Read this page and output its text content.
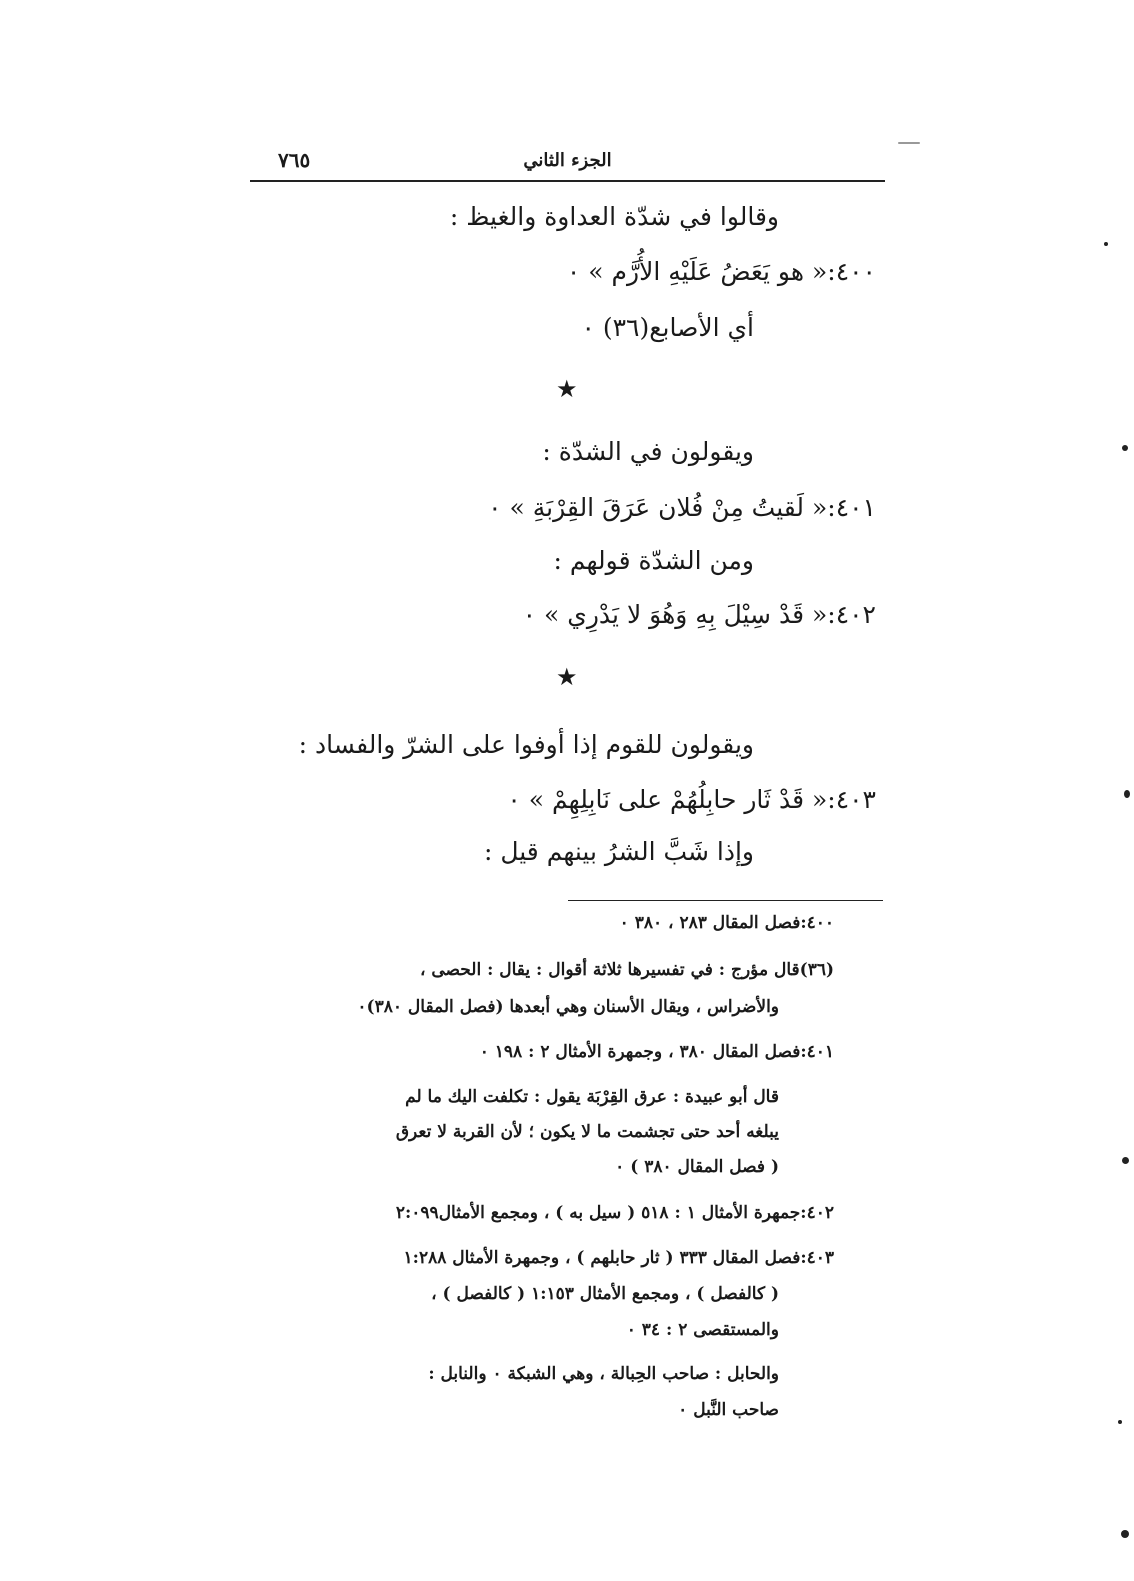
الجزء الثاني
٧٦٥
وقالوا في شدّة العداوة والغيظ :
٤٠٠:« هو يَعَضُ عَلَيْهِ الأُرَّم » ٠
أي الأصابع(٣٦) ٠
★
ويقولون في الشدّة :
٤٠١:« لَقيتُ مِنْ فُلان عَرَقَ القِرْبَةِ » ٠
ومن الشدّة قولهم :
٤٠٢:« قَدْ سِيْلَ بِهِ وَهُوَ لا يَدْرِي » ٠
★
ويقولون للقوم إذا أوفوا على الشرّ والفساد :
٤٠٣:« قَدْ ثَار حابِلُهُمْ على نَابِلِهِمْ » ٠
وإذا شَبَّ الشرُ بينهم قيل :
٤٠٠:فصل المقال ٢٨٣ ، ٣٨٠ ٠
(٣٦)قال مؤرج : في تفسيرها ثلاثة أقوال : يقال : الحصى ،
والأضراس ، ويقال الأسنان وهي أبعدها (فصل المقال ٣٨٠)٠
٤٠١:فصل المقال ٣٨٠ ، وجمهرة الأمثال ٢ : ١٩٨ ٠
قال أبو عبيدة : عرق القِرْبَة يقول : تكلفت اليك ما لم
يبلغه أحد حتى تجشمت ما لا يكون ؛ لأن القربة لا تعرق
( فصل المقال ٣٨٠ ) ٠
٤٠٢:جمهرة الأمثال ١ : ٥١٨ ( سيل به ) ، ومجمع الأمثال٢:٠٩٩
٤٠٣:فصل المقال ٣٣٣ ( ثار حابلهم ) ، وجمهرة الأمثال ١:٢٨٨
( كالفصل ) ، ومجمع الأمثال ١:١٥٣ ( كالفصل ) ،
والمستقصى ٢ : ٣٤ ٠
والحابل : صاحب الحِبالة ، وهي الشبكة ٠ والنابل :
صاحب النَّبل ٠
